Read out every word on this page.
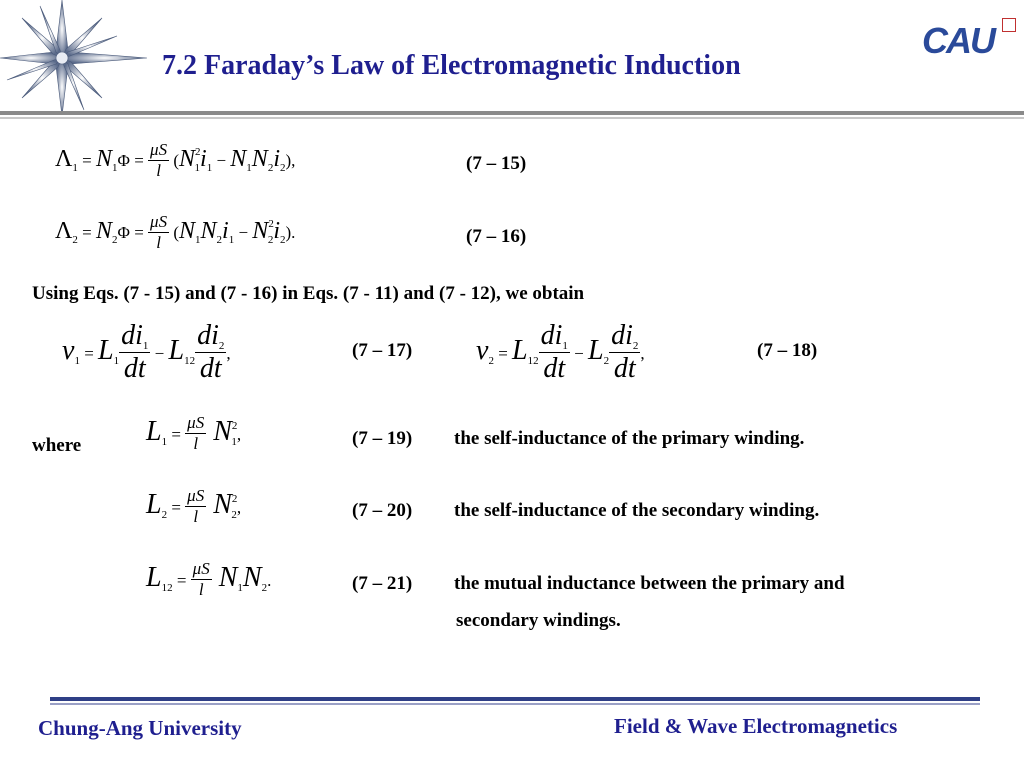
7.2 Faraday’s Law of Electromagnetic Induction
CAU
$\Lambda_1 = N_1\Phi = \frac{\mu S}{l} (N^2_1i_1 - N_1N_2i_2)$,	(7 – 15)
$\Lambda_2 = N_2\Phi = \frac{\mu S}{l} (N_1N_2i_1 - N^2_2i_2)$.	(7 – 16)
Using Eqs. (7 - 15) and (7 - 16) in Eqs. (7 - 11) and (7 - 12), we obtain
$v_1 = L_1 \frac{di_1}{dt} - L_{12} \frac{di_2}{dt}$ ,	(7 – 17) $v_2 = L_{12} \frac{di_1}{dt} - L_2 \frac{di_2}{dt}$ ,	(7 – 18)
where $L_1 = \frac{\mu S}{l} N^2_1$,	(7 – 19) the self-inductance of the primary winding.
$L_2 = \frac{\mu S}{l} N^2_2$,	(7 – 20) the self-inductance of the secondary winding.
$L_{12} = \frac{\mu S}{l} N_1N_2$.	(7 – 21) the mutual inductance between the primary and
secondary windings.
Chung-Ang University	Field & Wave Electromagnetics
